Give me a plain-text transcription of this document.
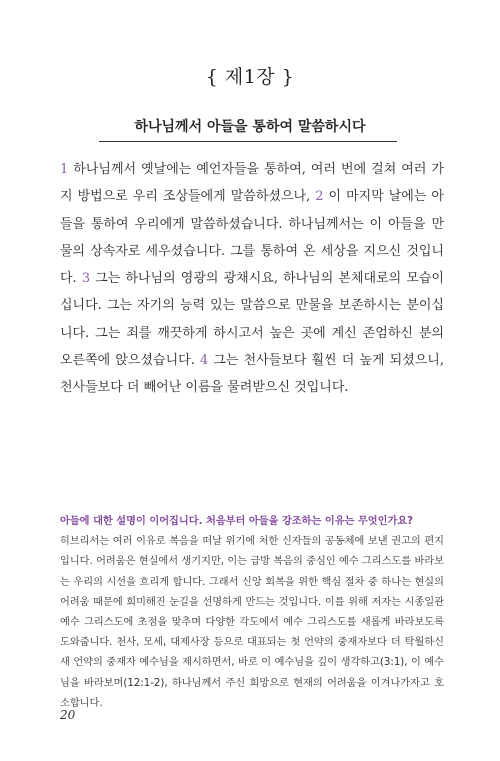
{ 제1장 }
하나님께서 아들을 통하여 말씀하시다

1 하나님께서 옛날에는 예언자들을 통하여, 여러 번에 걸쳐 여러 가지 방법으로 우리 조상들에게 말씀하셨으나, 2 이 마지막 날에는 아들을 통하여 우리에게 말씀하셨습니다. 하나님께서는 이 아들을 만물의 상속자로 세우셨습니다. 그를 통하여 온 세상을 지으신 것입니다. 3 그는 하나님의 영광의 광채시요, 하나님의 본체대로의 모습이십니다. 그는 자기의 능력 있는 말씀으로 만물을 보존하시는 분이십니다. 그는 죄를 깨끗하게 하시고서 높은 곳에 계신 존엄하신 분의 오른쪽에 앉으셨습니다. 4 그는 천사들보다 훨씬 더 높게 되셨으니, 천사들보다 더 빼어난 이름을 물려받으신 것입니다.

아들에 대한 설명이 이어집니다. 처음부터 아들을 강조하는 이유는 무엇인가요?
히브리서는 여러 이유로 복음을 떠날 위기에 처한 신자들의 공동체에 보낸 권고의 편지입니다. 어려움은 현실에서 생기지만, 이는 급방 복음의 중심인 예수 그리스도를 바라보는 우리의 시선을 흐리게 합니다. 그래서 신앙 회복을 위한 핵심 절차 중 하나는 현실의 어려움 때문에 희미해진 눈길을 선명하게 만드는 것입니다. 이를 위해 저자는 시종일관 예수 그리스도에 초점을 맞추며 다양한 각도에서 예수 그리스도를 새롭게 바라보도록 도와줍니다. 천사, 모세, 대제사장 등으로 대표되는 첫 언약의 중재자보다 더 탁월하신 새 언약의 중재자 예수님을 제시하면서, 바로 이 예수님을 깊이 생각하고(3:1), 이 예수님을 바라보며(12:1-2), 하나님께서 주신 희망으로 현재의 어려움을 이겨나가자고 호소합니다.

20
